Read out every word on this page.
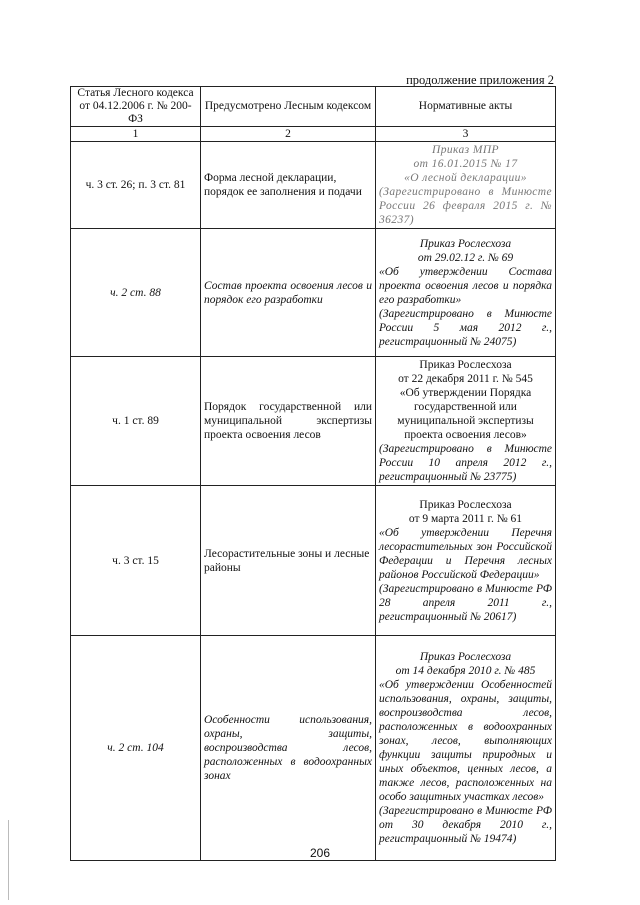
продолжение приложения 2
Статья Лесного кодекса от 04.12.2006 г. № 200-ФЗ	Предусмотрено Лесным кодексом	Нормативные акты
1	2	3
ч. 3 ст. 26; п. 3 ст. 81	Форма лесной декларации, порядок ее заполнения и подачи	Приказ МПР
от 16.01.2015 № 17
«О лесной декларации»
(Зарегистрировано в Минюсте России 26 февраля 2015 г. № 36237)

ч. 2 ст. 88	Состав проекта освоения лесов и порядок его разработки	Приказ Рослесхоза
от 29.02.12 г. № 69
«Об утверждении Состава проекта освоения лесов и порядка его разработки»
(Зарегистрировано в Минюсте России 5 мая 2012 г., регистрационный № 24075)

ч. 1 ст. 89	Порядок государственной или муниципальной экспертизы проекта освоения лесов	Приказ Рослесхоза
от 22 декабря 2011 г. № 545
«Об утверждении Порядка государственной или муниципальной экспертизы проекта освоения лесов»
(Зарегистрировано в Минюсте России 10 апреля 2012 г., регистрационный № 23775)

ч. 3 ст. 15	Лесорастительные зоны и лесные районы	Приказ Рослесхоза
от 9 марта 2011 г. № 61
«Об утверждении Перечня лесорастительных зон Российской Федерации и Перечня лесных районов Российской Федерации»
(Зарегистрировано в Минюсте РФ 28 апреля 2011 г., регистрационный № 20617)

ч. 2 ст. 104	Особенности использования, охраны, защиты, воспроизводства лесов, расположенных в водоохранных зонах	Приказ Рослесхоза
от 14 декабря 2010 г. № 485
«Об утверждении Особенностей использования, охраны, защиты, воспроизводства лесов, расположенных в водоохранных зонах, лесов, выполняющих функции защиты природных и иных объектов, ценных лесов, а также лесов, расположенных на особо защитных участках лесов»
(Зарегистрировано в Минюсте РФ от 30 декабря 2010 г., регистрационный № 19474)
206
